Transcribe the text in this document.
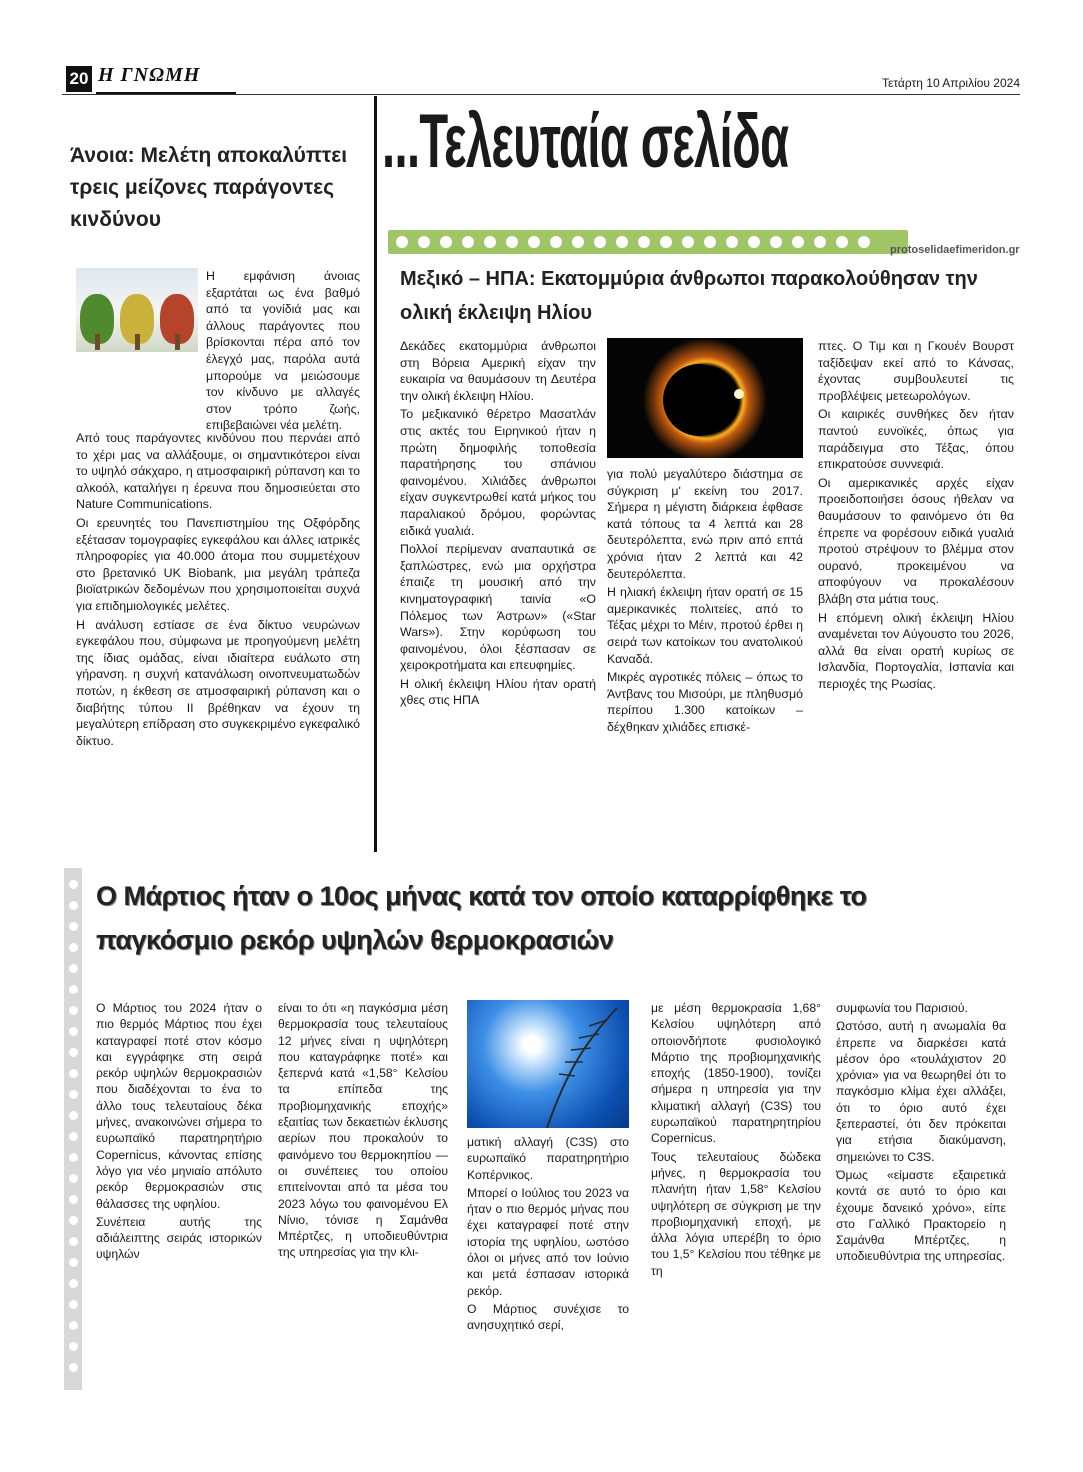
20 Η ΓΝΩΜΗ	Τετάρτη 10 Απριλίου 2024
...Τελευταία σελίδα
protoselidaefimeridon.gr
Άνοια: Μελέτη αποκαλύπτει τρεις μείζονες παράγοντες κινδύνου

Η εμφάνιση άνοιας εξαρτάται ως ένα βαθμό από τα γονίδιά μας και άλλους παράγοντες που βρίσκονται πέρα από τον έλεγχό μας, παρόλα αυτά μπορούμε να μειώσουμε τον κίνδυνο με αλλαγές στον τρόπο ζωής, επιβεβαιώνει νέα μελέτη.

Από τους παράγοντες κινδύνου που περνάει από το χέρι μας να αλλάξουμε, οι σημαντικότεροι είναι το υψηλό σάκχαρο, η ατμοσφαιρική ρύπανση και το αλκοόλ, καταλήγει η έρευνα που δημοσιεύεται στο Nature Communications.

Οι ερευνητές του Πανεπιστημίου της Οξφόρδης εξέτασαν τομογραφίες εγκεφάλου και άλλες ιατρικές πληροφορίες για 40.000 άτομα που συμμετέχουν στο βρετανικό UK Biobank, μια μεγάλη τράπεζα βιοϊατρικών δεδομένων που χρησιμοποιείται συχνά για επιδημιολογικές μελέτες.

Η ανάλυση εστίασε σε ένα δίκτυο νευρώνων εγκεφάλου που, σύμφωνα με προηγούμενη μελέτη της ίδιας ομάδας, είναι ιδιαίτερα ευάλωτο στη γήρανση. η συχνή κατανάλωση οινοπνευματωδών ποτών, η έκθεση σε ατμοσφαιρική ρύπανση και ο διαβήτης τύπου ΙΙ βρέθηκαν να έχουν τη μεγαλύτερη επίδραση στο συγκεκριμένο εγκεφαλικό δίκτυο.

Μεξικό – ΗΠΑ: Εκατομμύρια άνθρωποι παρακολούθησαν την ολική έκλειψη Ηλίου

Δεκάδες εκατομμύρια άνθρωποι στη Βόρεια Αμερική είχαν την ευκαιρία να θαυμάσουν τη Δευτέρα την ολική έκλειψη Ηλίου.

Το μεξικανικό θέρετρο Μασατλάν στις ακτές του Ειρηνικού ήταν η πρώτη δημοφιλής τοποθεσία παρατήρησης του σπάνιου φαινομένου. Χιλιάδες άνθρωποι είχαν συγκεντρωθεί κατά μήκος του παραλιακού δρόμου, φορώντας ειδικά γυαλιά.

Πολλοί περίμεναν αναπαυτικά σε ξαπλώστρες, ενώ μια ορχήστρα έπαιζε τη μουσική από την κινηματογραφική ταινία «Ο Πόλεμος των Άστρων» («Star Wars»). Στην κορύφωση του φαινομένου, όλοι ξέσπασαν σε χειροκροτήματα και επευφημίες.

Η ολική έκλειψη Ηλίου ήταν ορατή χθες στις ΗΠΑ

για πολύ μεγαλύτερο διάστημα σε σύγκριση μ' εκείνη του 2017. Σήμερα η μέγιστη διάρκεια έφθασε κατά τόπους τα 4 λεπτά και 28 δευτερόλεπτα, ενώ πριν από επτά χρόνια ήταν 2 λεπτά και 42 δευτερόλεπτα.

Η ηλιακή έκλειψη ήταν ορατή σε 15 αμερικανικές πολιτείες, από το Τέξας μέχρι το Μέιν, προτού έρθει η σειρά των κατοίκων του ανατολικού Καναδά.

Μικρές αγροτικές πόλεις – όπως το Άντβανς του Μισούρι, με πληθυσμό περίπου 1.300 κατοίκων – δέχθηκαν χιλιάδες επισκέ-

πτες. Ο Τιμ και η Γκουέν Βουρστ ταξίδεψαν εκεί από το Κάνσας, έχοντας συμβουλευτεί τις προβλέψεις μετεωρολόγων.

Οι καιρικές συνθήκες δεν ήταν παντού ευνοϊκές, όπως για παράδειγμα στο Τέξας, όπου επικρατούσε συννεφιά.

Οι αμερικανικές αρχές είχαν προειδοποιήσει όσους ήθελαν να θαυμάσουν το φαινόμενο ότι θα έπρεπε να φορέσουν ειδικά γυαλιά προτού στρέψουν το βλέμμα στον ουρανό, προκειμένου να αποφύγουν να προκαλέσουν βλάβη στα μάτια τους.

Η επόμενη ολική έκλειψη Ηλίου αναμένεται τον Αύγουστο του 2026, αλλά θα είναι ορατή κυρίως σε Ισλανδία, Πορτογαλία, Ισπανία και περιοχές της Ρωσίας.

Ο Μάρτιος ήταν ο 10ος μήνας κατά τον οποίο καταρρίφθηκε το παγκόσμιο ρεκόρ υψηλών θερμοκρασιών

Ο Μάρτιος του 2024 ήταν ο πιο θερμός Μάρτιος που έχει καταγραφεί ποτέ στον κόσμο και εγγράφηκε στη σειρά ρεκόρ υψηλών θερμοκρασιών που διαδέχονται το ένα το άλλο τους τελευταίους δέκα μήνες, ανακοινώνει σήμερα το ευρωπαϊκό παρατηρητήριο Copernicus, κάνοντας επίσης λόγο για νέο μηνιαίο απόλυτο ρεκόρ θερμοκρασιών στις θάλασσες της υφηλίου.

Συνέπεια αυτής της αδιάλειπτης σειράς ιστορικών υψηλών

είναι το ότι «η παγκόσμια μέση θερμοκρασία τους τελευταίους 12 μήνες είναι η υψηλότερη που καταγράφηκε ποτέ» και ξεπερνά κατά «1,58° Κελσίου τα επίπεδα της προβιομηχανικής εποχής» εξαιτίας των δεκαετιών έκλυσης αερίων που προκαλούν το φαινόμενο του θερμοκηπίου — οι συνέπειες του οποίου επιτείνονται από τα μέσα του 2023 λόγω του φαινομένου Ελ Νίνιο, τόνισε η Σαμάνθα Μπέρτζες, η υποδιευθύντρια της υπηρεσίας για την κλι-

ματική αλλαγή (C3S) στο ευρωπαϊκό παρατηρητήριο Κοπέρνικος.

Μπορεί ο Ιούλιος του 2023 να ήταν ο πιο θερμός μήνας που έχει καταγραφεί ποτέ στην ιστορία της υφηλίου, ωστόσο όλοι οι μήνες από τον Ιούνιο και μετά έσπασαν ιστορικά ρεκόρ.

Ο Μάρτιος συνέχισε το ανησυχητικό σερί,

με μέση θερμοκρασία 1,68° Κελσίου υψηλότερη από οποιονδήποτε φυσιολογικό Μάρτιο της προβιομηχανικής εποχής (1850-1900), τονίζει σήμερα η υπηρεσία για την κλιματική αλλαγή (C3S) του ευρωπαϊκού παρατηρητηρίου Copernicus.

Τους τελευταίους δώδεκα μήνες, η θερμοκρασία του πλανήτη ήταν 1,58° Κελσίου υψηλότερη σε σύγκριση με την προβιομηχανική εποχή, με άλλα λόγια υπερέβη το όριο του 1,5° Κελσίου που τέθηκε με τη

συμφωνία του Παρισιού.

Ωστόσο, αυτή η ανωμαλία θα έπρεπε να διαρκέσει κατά μέσον όρο «τουλάχιστον 20 χρόνια» για να θεωρηθεί ότι το παγκόσμιο κλίμα έχει αλλάξει, ότι το όριο αυτό έχει ξεπεραστεί, ότι δεν πρόκειται για ετήσια διακύμανση, σημειώνει το C3S.

Όμως «είμαστε εξαιρετικά κοντά σε αυτό το όριο και έχουμε δανεικό χρόνο», είπε στο Γαλλικό Πρακτορείο η Σαμάνθα Μπέρτζες, η υποδιευθύντρια της υπηρεσίας.
